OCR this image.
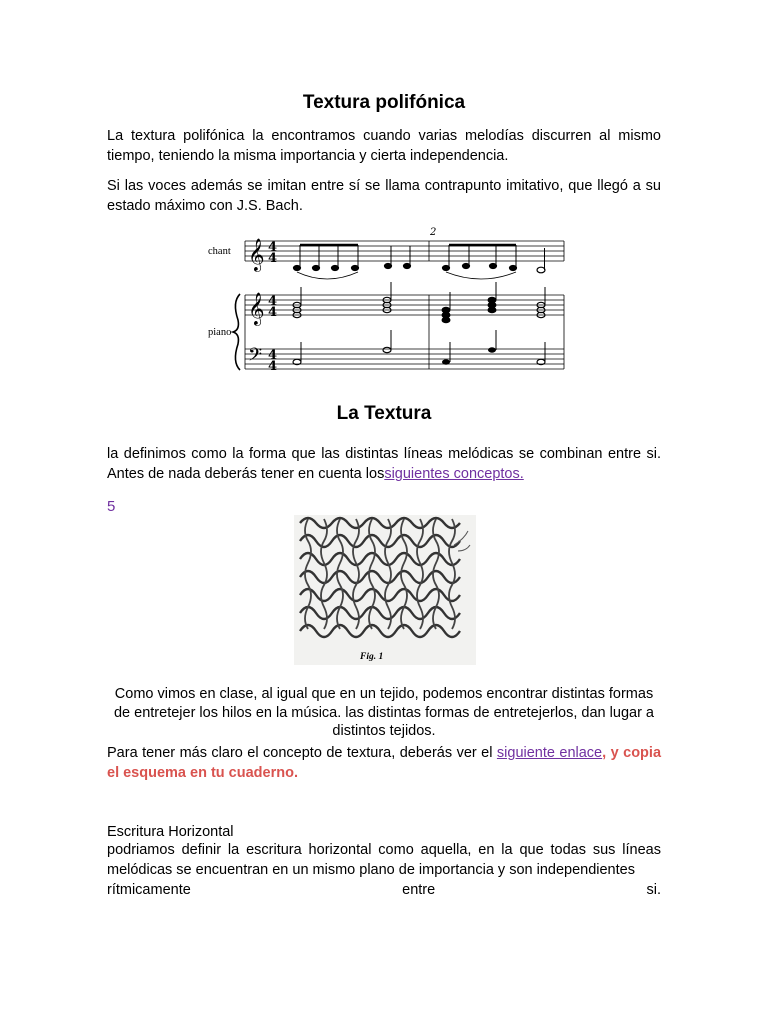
Textura polifónica
La textura polifónica la encontramos cuando varias melodías discurren al mismo tiempo, teniendo la misma importancia y cierta independencia.
Si las voces además se imitan entre sí se llama contrapunto imitativo, que llegó a su estado máximo con J.S. Bach.
𝄞
𝄞
𝄢
4
4
4
4
4
4
2
chant
piano
La Textura
la definimos como la forma que las distintas líneas melódicas se combinan entre si. Antes de nada deberás tener en cuenta lossiguientes conceptos.
5
Fig. 1
Como vimos en clase, al igual que en un tejido, podemos encontrar distintas formas de entretejer los hilos en la música. las distintas formas de entretejerlos, dan lugar a distintos tejidos.
Para tener más claro el concepto de textura, deberás ver el siguiente enlace, y copia el esquema en tu cuaderno.
Escritura Horizontal
podriamos definir la escritura horizontal como aquella, en la que todas sus líneas melódicas se encuentran en un mismo plano de importancia y son independientes
rítmicamente	entre	si.
